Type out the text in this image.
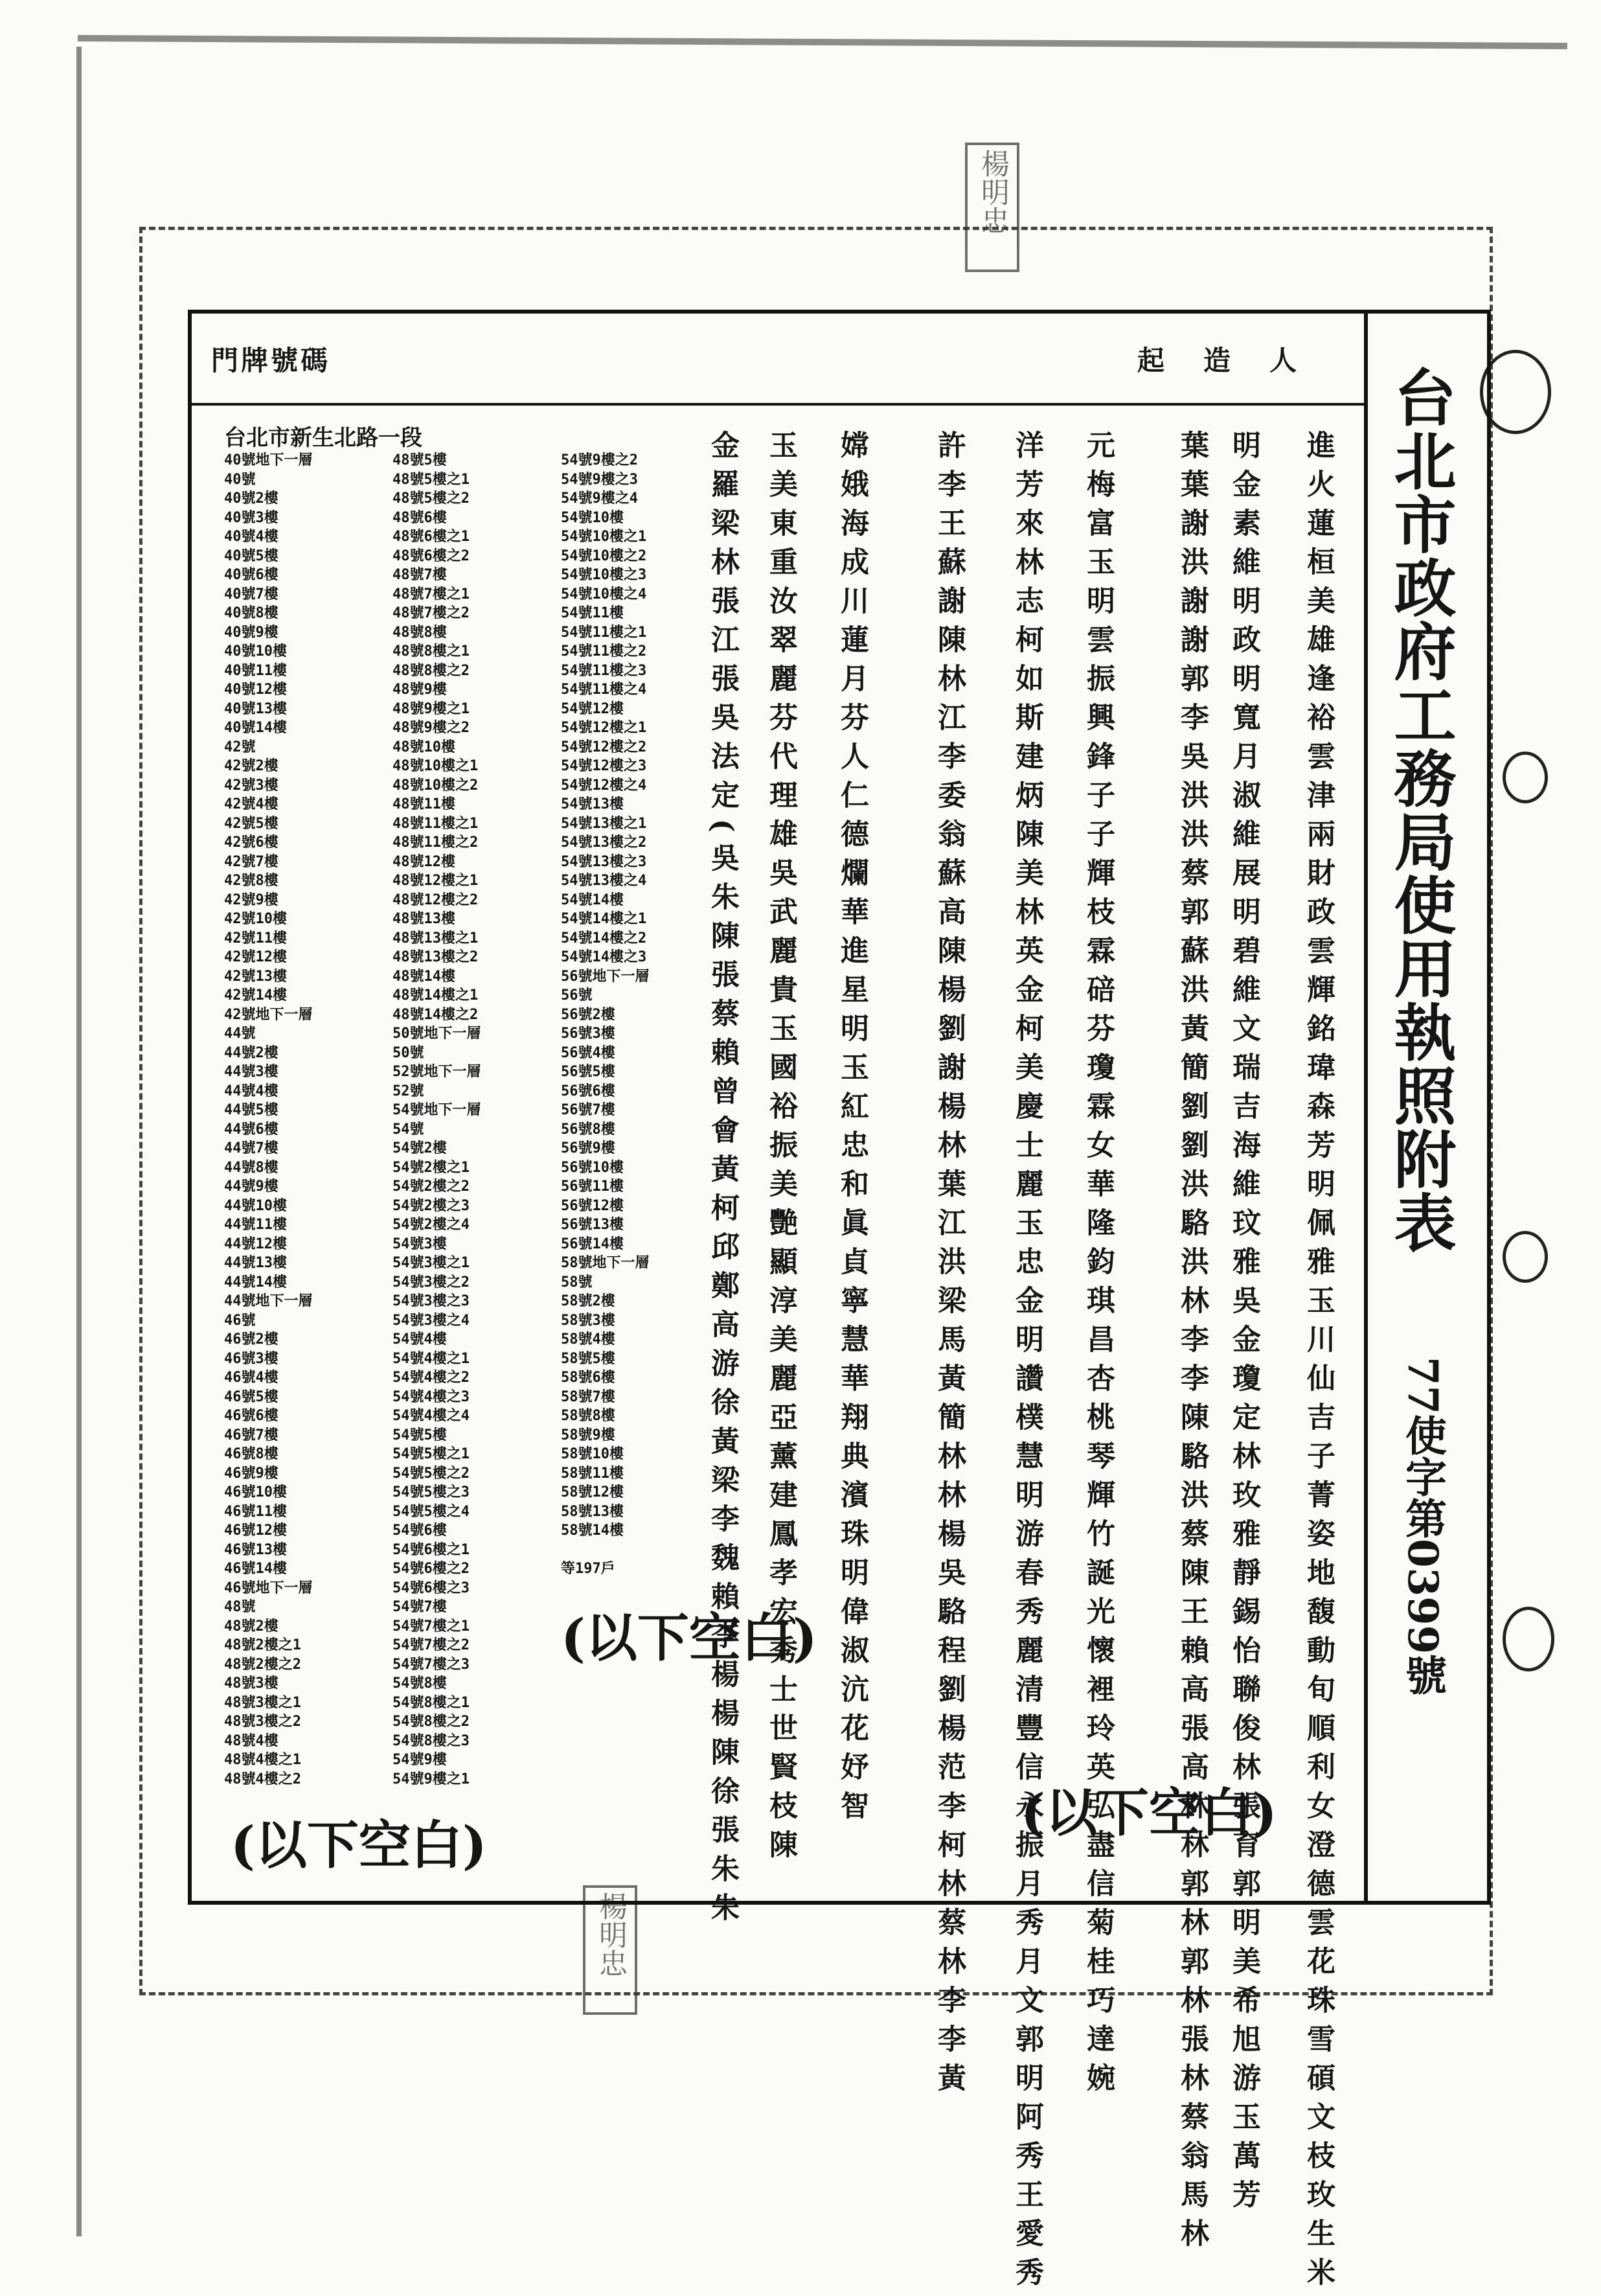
楊明忠
楊明忠
台北市政府工務局使用執照附表
77使字第0399號
門牌號碼	起造人
台北市新生北路一段
40號地下一層
40號
40號2樓
40號3樓
40號4樓
40號5樓
40號6樓
40號7樓
40號8樓
40號9樓
40號10樓
40號11樓
40號12樓
40號13樓
40號14樓
42號
42號2樓
42號3樓
42號4樓
42號5樓
42號6樓
42號7樓
42號8樓
42號9樓
42號10樓
42號11樓
42號12樓
42號13樓
42號14樓
42號地下一層
44號
44號2樓
44號3樓
44號4樓
44號5樓
44號6樓
44號7樓
44號8樓
44號9樓
44號10樓
44號11樓
44號12樓
44號13樓
44號14樓
44號地下一層
46號
46號2樓
46號3樓
46號4樓
46號5樓
46號6樓
46號7樓
46號8樓
46號9樓
46號10樓
46號11樓
46號12樓
46號13樓
46號14樓
46號地下一層
48號
48號2樓
48號2樓之1
48號2樓之2
48號3樓
48號3樓之1
48號3樓之2
48號4樓
48號4樓之1
48號4樓之2
48號5樓
48號5樓之1
48號5樓之2
48號6樓
48號6樓之1
48號6樓之2
48號7樓
48號7樓之1
48號7樓之2
48號8樓
48號8樓之1
48號8樓之2
48號9樓
48號9樓之1
48號9樓之2
48號10樓
48號10樓之1
48號10樓之2
48號11樓
48號11樓之1
48號11樓之2
48號12樓
48號12樓之1
48號12樓之2
48號13樓
48號13樓之1
48號13樓之2
48號14樓
48號14樓之1
48號14樓之2
50號地下一層
50號
52號地下一層
52號
54號地下一層
54號
54號2樓
54號2樓之1
54號2樓之2
54號2樓之3
54號2樓之4
54號3樓
54號3樓之1
54號3樓之2
54號3樓之3
54號3樓之4
54號4樓
54號4樓之1
54號4樓之2
54號4樓之3
54號4樓之4
54號5樓
54號5樓之1
54號5樓之2
54號5樓之3
54號5樓之4
54號6樓
54號6樓之1
54號6樓之2
54號6樓之3
54號7樓
54號7樓之1
54號7樓之2
54號7樓之3
54號8樓
54號8樓之1
54號8樓之2
54號8樓之3
54號9樓
54號9樓之1
54號9樓之2
54號9樓之3
54號9樓之4
54號10樓
54號10樓之1
54號10樓之2
54號10樓之3
54號10樓之4
54號11樓
54號11樓之1
54號11樓之2
54號11樓之3
54號11樓之4
54號12樓
54號12樓之1
54號12樓之2
54號12樓之3
54號12樓之4
54號13樓
54號13樓之1
54號13樓之2
54號13樓之3
54號13樓之4
54號14樓
54號14樓之1
54號14樓之2
54號14樓之3
56號地下一層
56號
56號2樓
56號3樓
56號4樓
56號5樓
56號6樓
56號7樓
56號8樓
56號9樓
56號10樓
56號11樓
56號12樓
56號13樓
56號14樓
58號地下一層
58號
58號2樓
58號3樓
58號4樓
58號5樓
58號6樓
58號7樓
58號8樓
58號9樓
58號10樓
58號11樓
58號12樓
58號13樓
58號14樓

等197戶	進火蓮桓美雄逢裕雲津兩財政雲輝銘瑋森芳明佩雅玉川仙吉子菁姿地馥動旬順利女澄德雲花珠雪碩文枝玫生米
明金素維明政明寬月淑維展明碧維文瑞吉海維玟雅吳金瓊定林玫雅靜錫怡聯俊林張育郭明美希旭游玉萬芳
葉葉謝洪謝謝郭李吳洪洪蔡郭蘇洪黃簡劉劉洪駱洪林李李陳駱洪蔡陳王賴高張高林林郭林郭林張林蔡翁馬林
元梅富玉明雲振興鋒子子輝枝霖碚芬瓊霖女華隆鈞琪昌杏桃琴輝竹誕光懷裡玲英弘盡信菊桂巧達婉
洋芳來林志柯如斯建炳陳美林英金柯美慶士麗玉忠金明讚樸慧明游春秀麗清豐信永振月秀月文郭明阿秀王愛秀
許李王蘇謝陳林江李委翁蘇高陳楊劉謝楊林葉江洪梁馬黃簡林林楊吳駱程劉楊范李柯林蔡林李李黃
嫦娥海成川蓮月芬人仁德爛華進星明玉紅忠和眞貞寧慧華翔典濱珠明偉淑沆花妤智
玉美東重汝翠麗芬代理雄吳武麗貴玉國裕振美艷顯淳美麗亞薰建鳳孝宏秀士世賢枝陳
金羅梁林張江張吳法定(吳朱陳張蔡賴曾會黃柯邱鄭高游徐黃梁李魏賴李楊楊陳徐張朱朱
(以下空白)
(以下空白)
(以下空白)
